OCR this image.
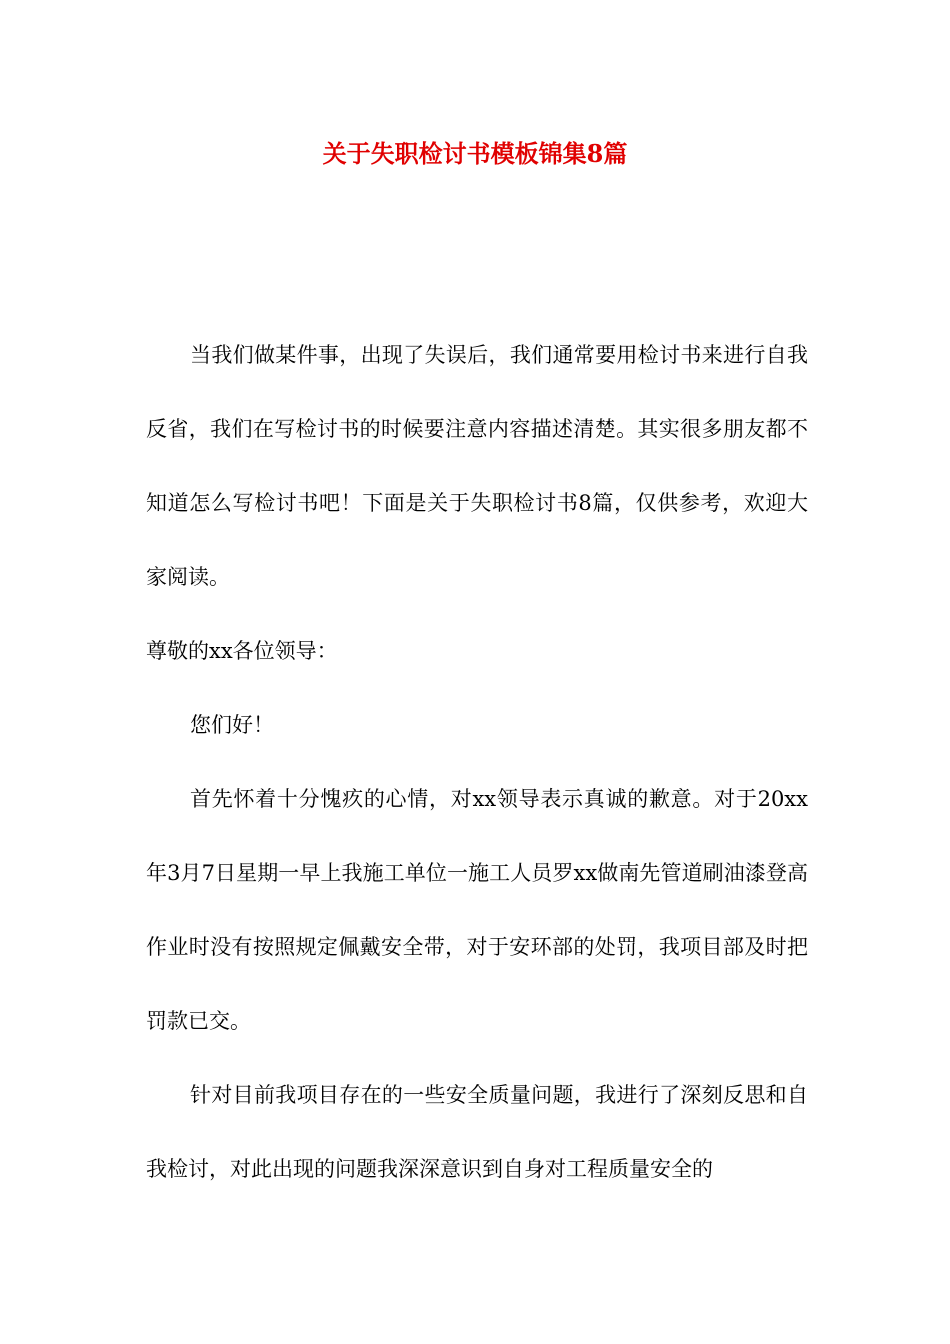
关于失职检讨书模板锦集8篇

当我们做某件事，出现了失误后，我们通常要用检讨书来进行自我反省，我们在写检讨书的时候要注意内容描述清楚。其实很多朋友都不知道怎么写检讨书吧！下面是关于失职检讨书8篇，仅供参考，欢迎大家阅读。

尊敬的xx各位领导：

您们好！

首先怀着十分愧疚的心情，对xx领导表示真诚的歉意。对于20xx年3月7日星期一早上我施工单位一施工人员罗xx做南先管道刷油漆登高作业时没有按照规定佩戴安全带，对于安环部的处罚，我项目部及时把罚款已交。

针对目前我项目存在的一些安全质量问题，我进行了深刻反思和自我检讨，对此出现的问题我深深意识到自身对工程质量安全的
